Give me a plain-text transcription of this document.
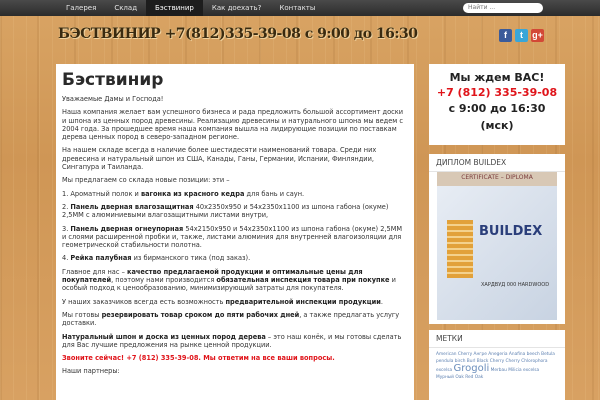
Галерея	Склад	Бэствинир	Как доехать?	Контакты
Найти ...
БЭСТВИНИР +7(812)335-39-08 с 9:00 до 16:30	f	t	g+
Бэствинир

Уважаемые Дамы и Господа!

Наша компания желает вам успешного бизнеса и рада предложить большой ассортимент доски и шпона из ценных пород древесины. Реализацию древесины и натурального шпона мы ведем с 2004 года. За прошедшее время наша компания вышла на лидирующие позиции по поставкам дерева ценных пород в северо-западном регионе.

На нашем складе всегда в наличие более шестидесяти наименований товара. Среди них древесина и натуральный шпон из США, Канады, Ганы, Германии, Испании, Финляндии, Сингапура и Таиланда.

Мы предлагаем со склада новые позиции: эти –

1. Ароматный полок и вагонка из красного кедра для бань и саун.

2. Панель дверная влагозащитная 40x2350x950 и 54x2350x1100 из шпона габона (окуме) 2,5ММ с алюминиевыми влагозащитными листами внутри,

3. Панель дверная огнеупорная 54x2150x950 и 54x2350x1100 из шпона габона (окуме) 2,5ММ и слоями расширенной пробки и, также, листами алюминия для внутренней влагоизоляции для геометрической стабильности полотна.

4. Рейка палубная из бирманского тика (под заказ).

Главное для нас – качество предлагаемой продукции и оптимальные цены для покупателей, поэтому нами производится обязательная инспекция товара при покупке и особый подход к ценообразованию, минимизирующий затраты для покупателя.

У наших заказчиков всегда есть возможность предварительной инспекции продукции.

Мы готовы резервировать товар сроком до пяти рабочих дней, а также предлагать услугу доставки.

Натуральный шпон и доска из ценных пород дерева – это наш конёк, и мы готовы сделать для Вас лучшие предложения на рынке ценной продукции.

Звоните сейчас! +7 (812) 335-39-08. Мы ответим на все ваши вопросы.

Наши партнеры:

Мы ждем ВАС!
+7 (812) 335-39-08
с 9:00 до 16:30
(мск)
ДИПЛОМ BUILDEX
CERTIFICATE – DIPLOMA
BUILDEX
ХАРДВУД 000 HARDWOOD
МЕТКИ
American Cherry Ангре Anegeria Anafina beech Betula pendula birch Burl Black Cherry Cherry Chlorophora excelsa Grogoli Merbau Milicia excelsa Мурный Oak Red Oak
